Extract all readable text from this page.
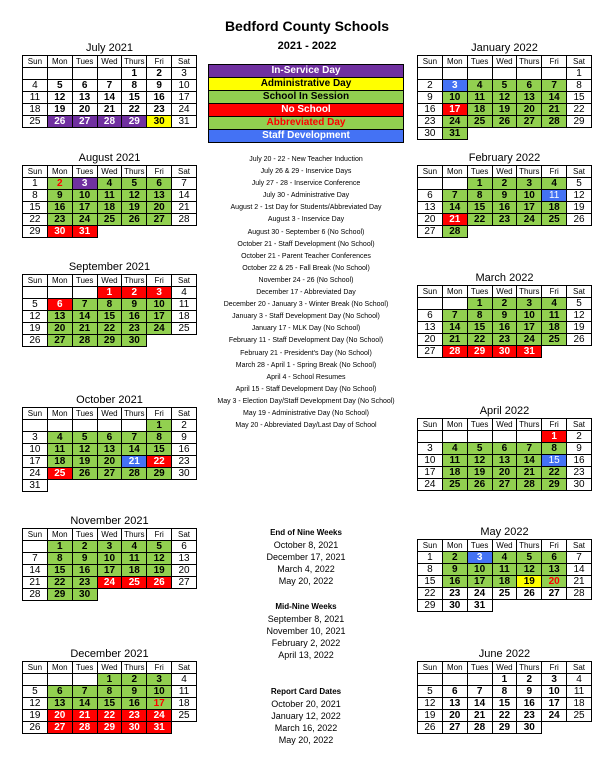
Bedford County Schools
2021 - 2022
July 2021
Sun	Mon	Tues	Wed	Thurs	Fri	Sat
				1	2	3
4	5	6	7	8	9	10
11	12	13	14	15	16	17
18	19	20	21	22	23	24
25	26	27	28	29	30	31
August 2021
Sun	Mon	Tues	Wed	Thurs	Fri	Sat
1	2	3	4	5	6	7
8	9	10	11	12	13	14
15	16	17	18	19	20	21
22	23	24	25	26	27	28
29	30	31				
September 2021
Sun	Mon	Tues	Wed	Thurs	Fri	Sat
			1	2	3	4
5	6	7	8	9	10	11
12	13	14	15	16	17	18
19	20	21	22	23	24	25
26	27	28	29	30		
October 2021
Sun	Mon	Tues	Wed	Thurs	Fri	Sat
					1	2
3	4	5	6	7	8	9
10	11	12	13	14	15	16
17	18	19	20	21	22	23
24	25	26	27	28	29	30
31						
November 2021
Sun	Mon	Tues	Wed	Thurs	Fri	Sat
	1	2	3	4	5	6
7	8	9	10	11	12	13
14	15	16	17	18	19	20
21	22	23	24	25	26	27
28	29	30				
December 2021
Sun	Mon	Tues	Wed	Thurs	Fri	Sat
			1	2	3	4
5	6	7	8	9	10	11
12	13	14	15	16	17	18
19	20	21	22	23	24	25
26	27	28	29	30	31	
January 2022
Sun	Mon	Tues	Wed	Thurs	Fri	Sat
						1
2	3	4	5	6	7	8
9	10	11	12	13	14	15
16	17	18	19	20	21	22
23	24	25	26	27	28	29
30	31					
February 2022
Sun	Mon	Tues	Wed	Thurs	Fri	Sat
		1	2	3	4	5
6	7	8	9	10	11	12
13	14	15	16	17	18	19
20	21	22	23	24	25	26
27	28					
March 2022
Sun	Mon	Tues	Wed	Thurs	Fri	Sat
		1	2	3	4	5
6	7	8	9	10	11	12
13	14	15	16	17	18	19
20	21	22	23	24	25	26
27	28	29	30	31		
April 2022
Sun	Mon	Tues	Wed	Thurs	Fri	Sat
					1	2
3	4	5	6	7	8	9
10	11	12	13	14	15	16
17	18	19	20	21	22	23
24	25	26	27	28	29	30
May 2022
Sun	Mon	Tues	Wed	Thurs	Fri	Sat
1	2	3	4	5	6	7
8	9	10	11	12	13	14
15	16	17	18	19	20	21
22	23	24	25	26	27	28
29	30	31				
June 2022
Sun	Mon	Tues	Wed	Thurs	Fri	Sat
			1	2	3	4
5	6	7	8	9	10	11
12	13	14	15	16	17	18
19	20	21	22	23	24	25
26	27	28	29	30		
In-Service Day
Administrative Day
School In Session
No School
Abbreviated Day
Staff Development
July 20 - 22 - New Teacher Induction
July 26 & 29 - Inservice Days
July 27 - 28 - Inservice Conference
July 30 - Administrative Day
August 2 - 1st Day for Students/Abbreviated Day
August 3 - Inservice Day
August 30 - September 6 (No School)
October 21 - Staff Development (No School)
October 21 - Parent Teacher Conferences
October 22 & 25 - Fall Break (No School)
November 24 - 26 (No School)
December 17 - Abbreviated Day
December 20 - January 3 - Winter Break (No School)
January 3 - Staff Development Day (No School)
January 17 - MLK Day (No School)
February 11 - Staff Development Day (No School)
February 21 - President's Day (No School)
March 28 - April 1 - Spring Break (No School)
April 4 - School Resumes
April 15 - Staff Development Day (No School)
May 3 - Election Day/Staff Development Day (No School)
May 19 - Administrative Day (No School)
May 20 - Abbreviated Day/Last Day of School
End of Nine Weeks
October 8, 2021
December 17, 2021
March 4, 2022
May 20, 2022
Mid-Nine Weeks
September 8, 2021
November 10, 2021
February 2, 2022
April 13, 2022
Report Card Dates
October 20, 2021
January 12, 2022
March 16, 2022
May 20, 2022
